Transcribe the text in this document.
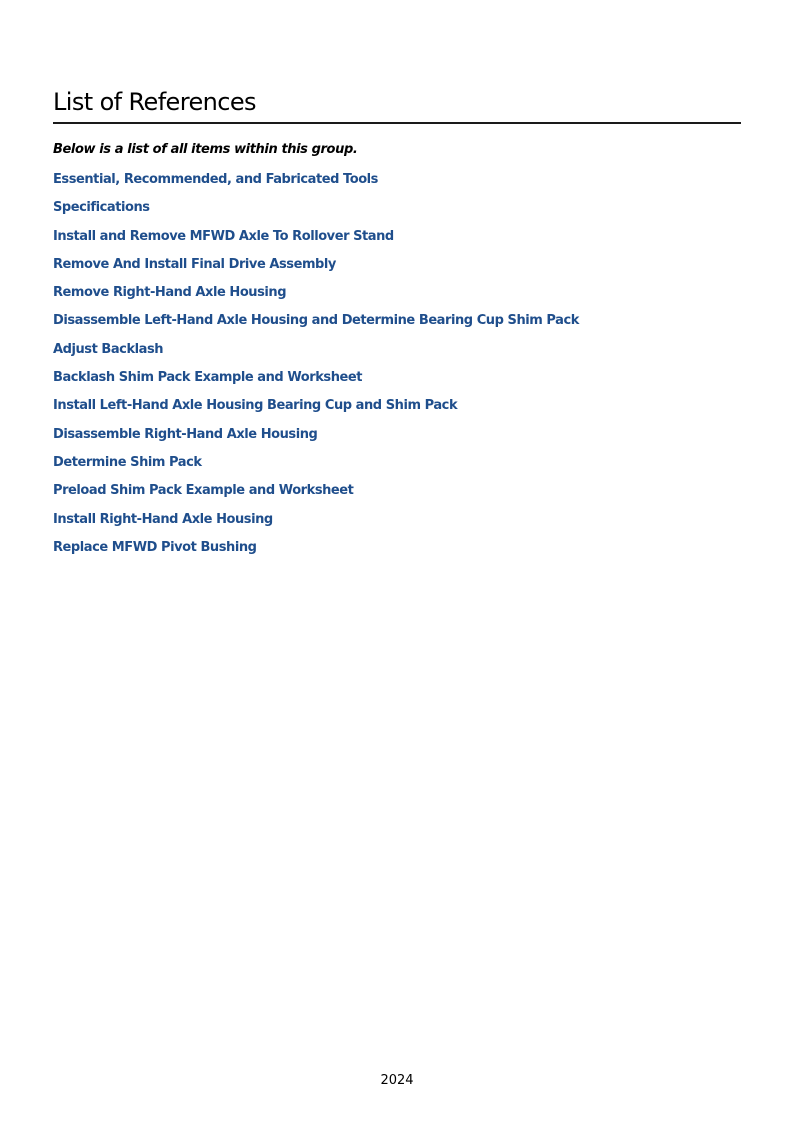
List of References

Below is a list of all items within this group.

Essential, Recommended, and Fabricated Tools
Specifications
Install and Remove MFWD Axle To Rollover Stand
Remove And Install Final Drive Assembly
Remove Right-Hand Axle Housing
Disassemble Left-Hand Axle Housing and Determine Bearing Cup Shim Pack
Adjust Backlash
Backlash Shim Pack Example and Worksheet
Install Left-Hand Axle Housing Bearing Cup and Shim Pack
Disassemble Right-Hand Axle Housing
Determine Shim Pack
Preload Shim Pack Example and Worksheet
Install Right-Hand Axle Housing
Replace MFWD Pivot Bushing
2024
